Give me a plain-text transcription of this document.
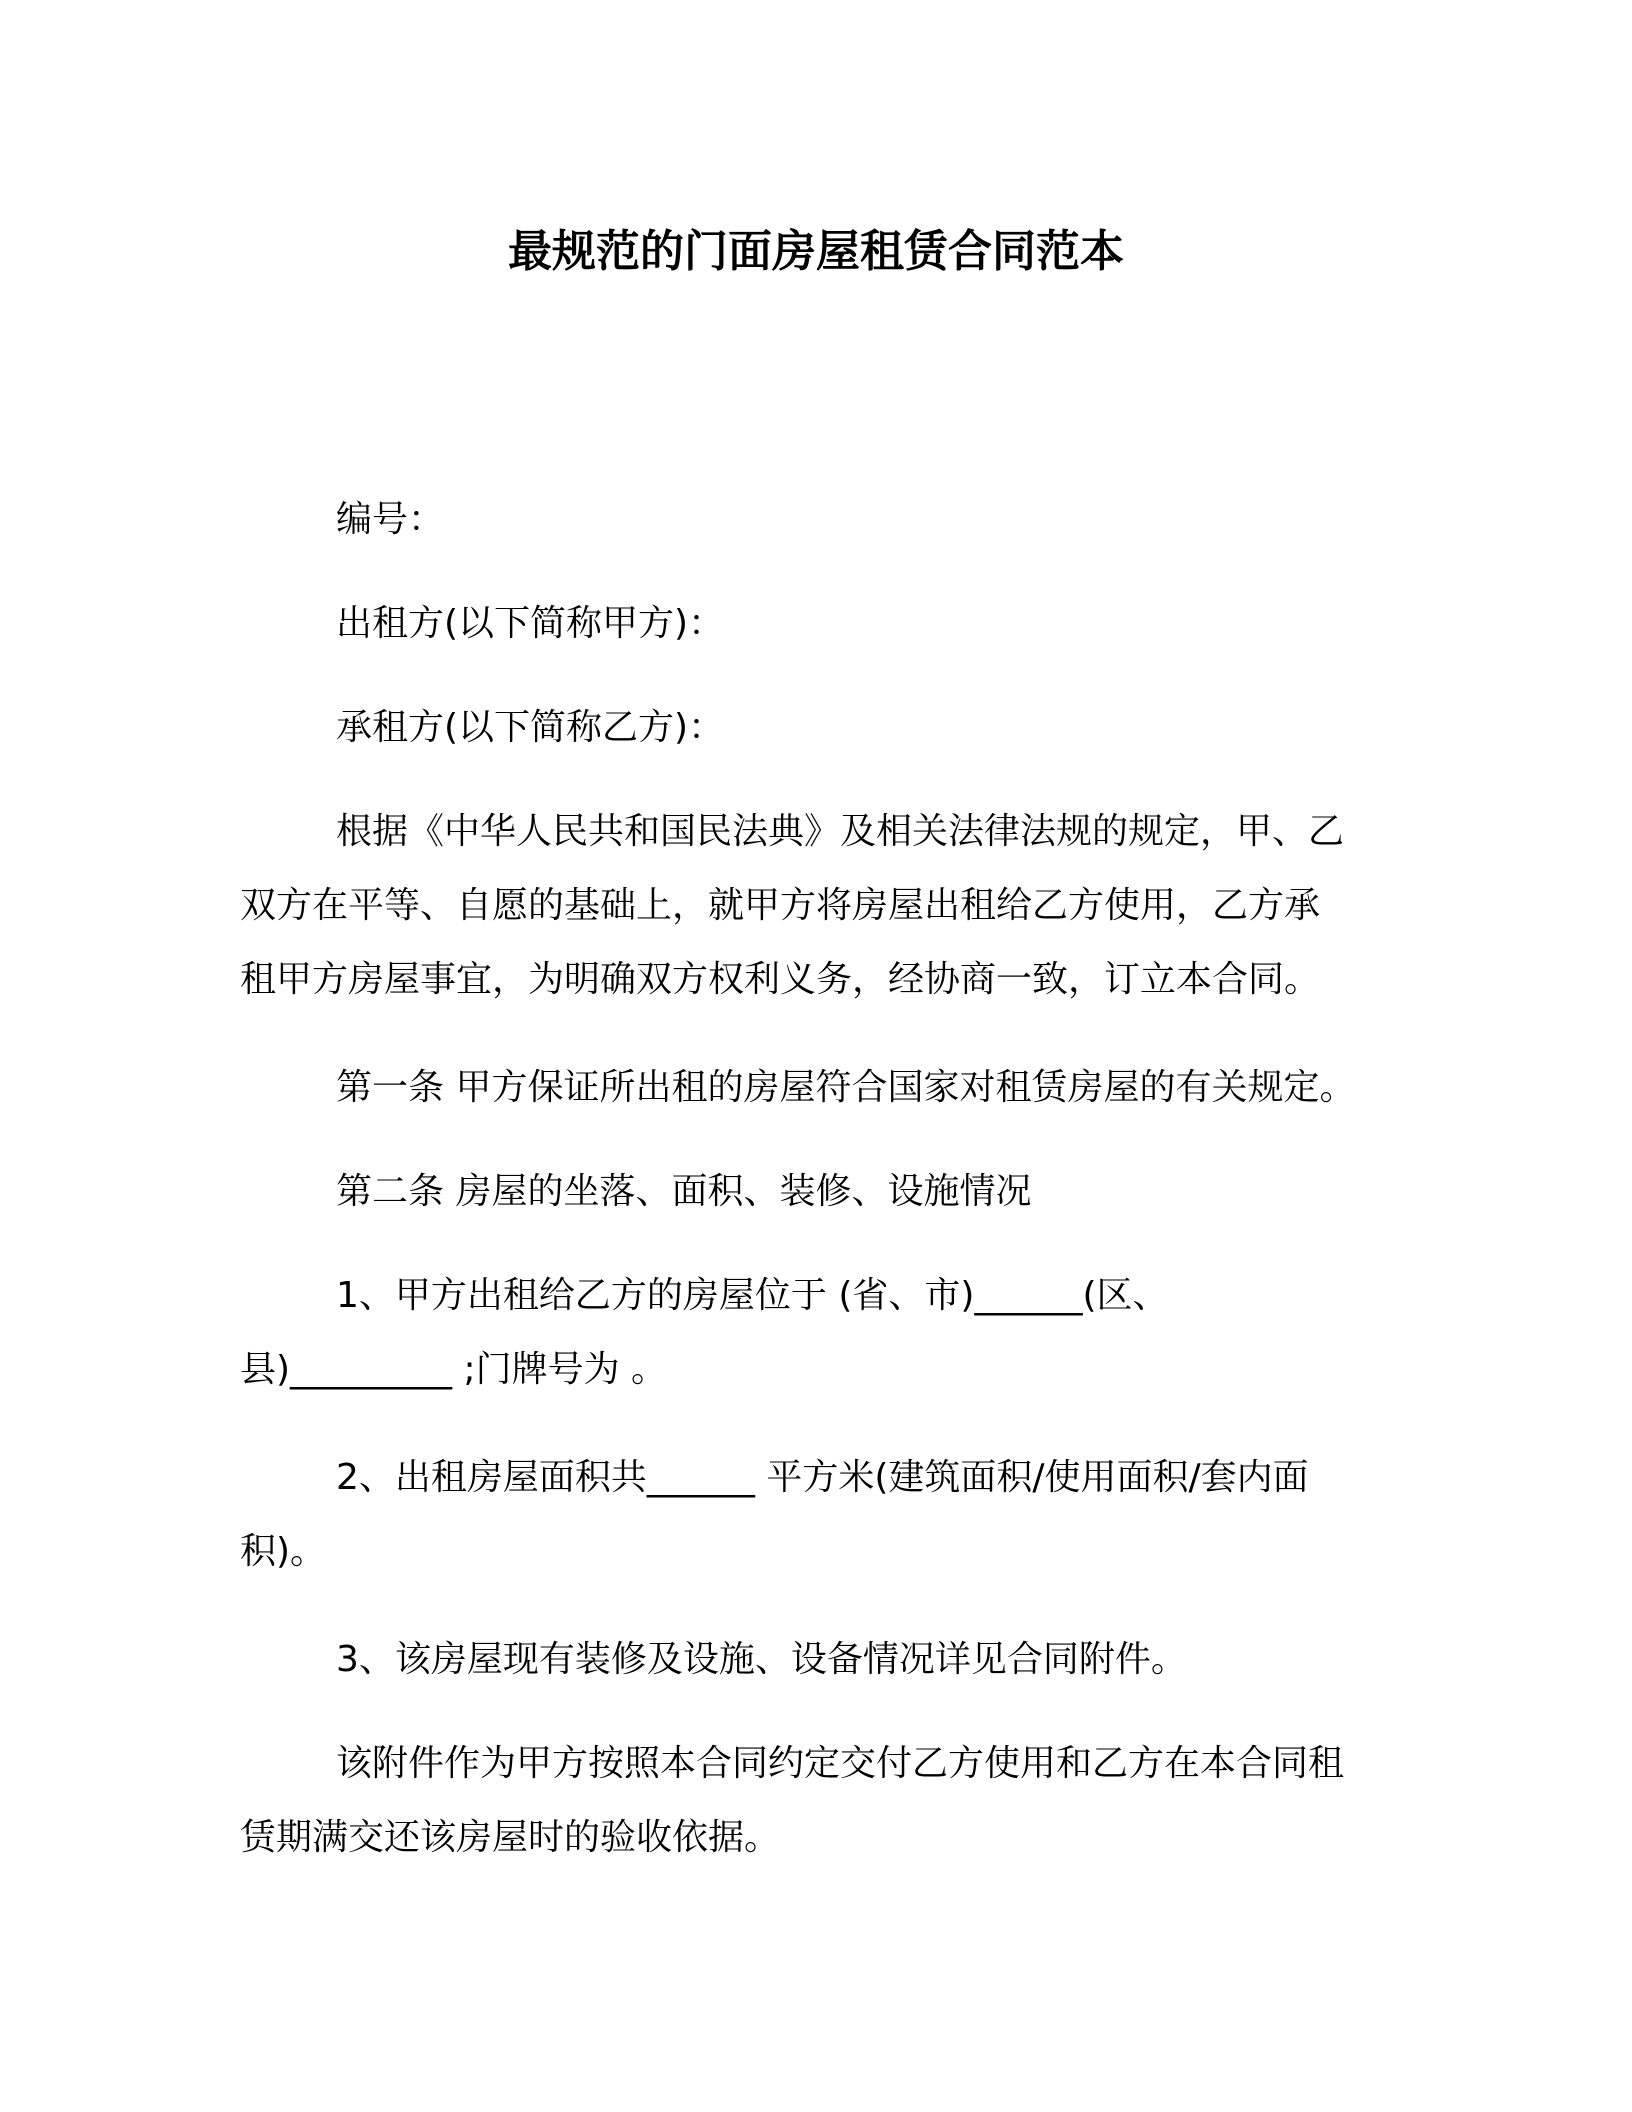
最规范的门面房屋租赁合同范本
编号：
出租方(以下简称甲方)：
承租方(以下简称乙方)：
根据《中华人民共和国民法典》及相关法律法规的规定，甲、乙
双方在平等、自愿的基础上，就甲方将房屋出租给乙方使用，乙方承
租甲方房屋事宜，为明确双方权利义务，经协商一致，订立本合同。
第一条 甲方保证所出租的房屋符合国家对租赁房屋的有关规定。
第二条 房屋的坐落、面积、装修、设施情况
1、甲方出租给乙方的房屋位于 (省、市)______(区、
县)_________ ;门牌号为 。
2、出租房屋面积共______ 平方米(建筑面积/使用面积/套内面
积)。
3、该房屋现有装修及设施、设备情况详见合同附件。
该附件作为甲方按照本合同约定交付乙方使用和乙方在本合同租
赁期满交还该房屋时的验收依据。
